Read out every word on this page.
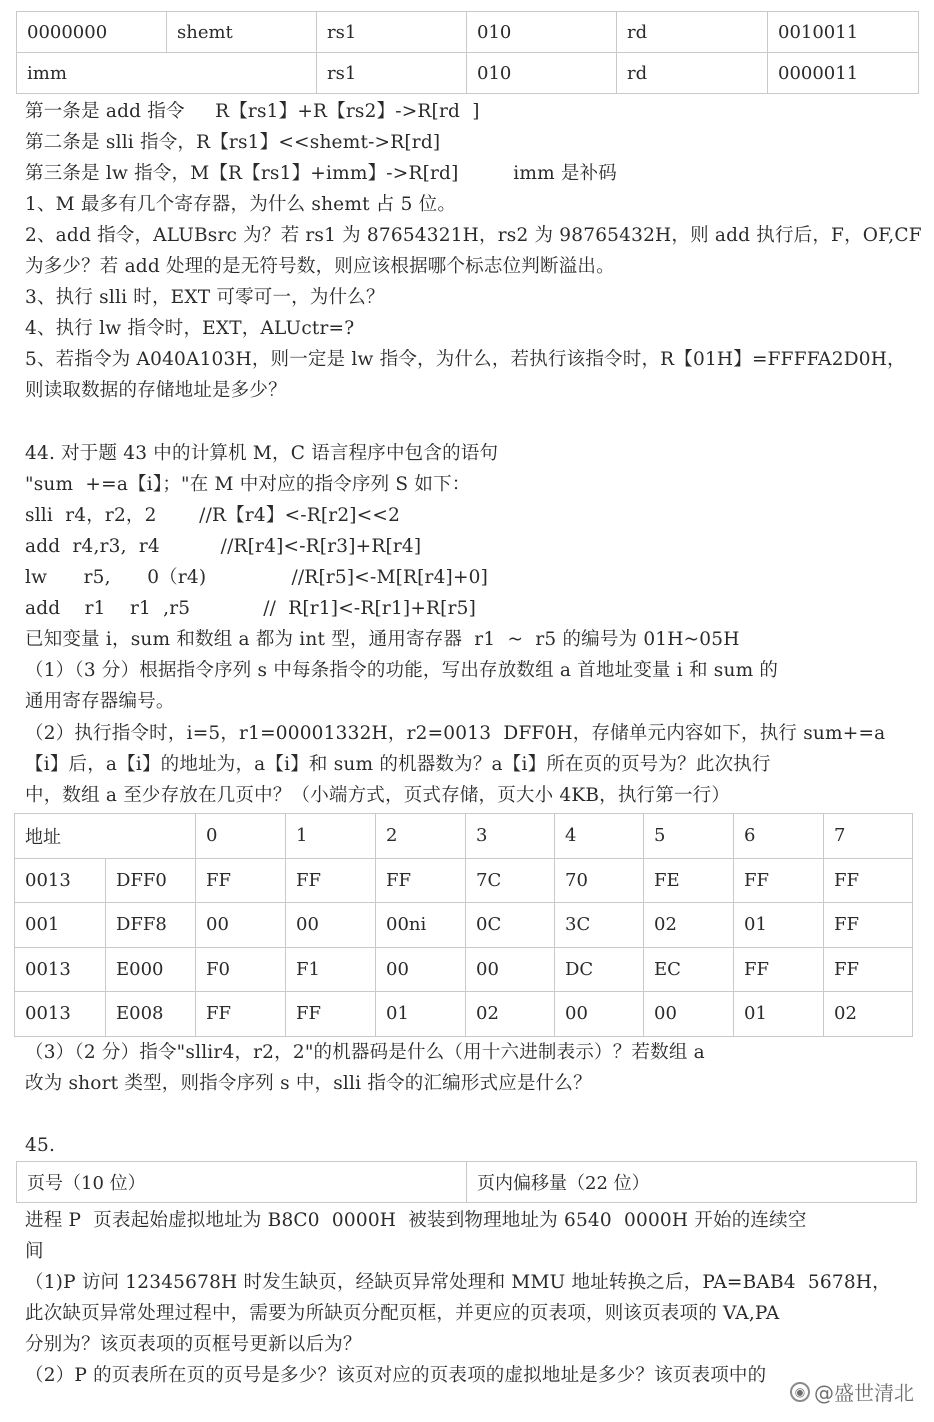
0000000	shemt	rs1	010	rd	0010011
imm		rs1	010	rd	0000011
第一条是 add 指令     R【rs1】+R【rs2】->R[rd  ]
第二条是 slli 指令，R【rs1】<<shemt->R[rd]
第三条是 lw 指令，M【R【rs1】+imm】->R[rd]         imm 是补码
1、M 最多有几个寄存器，为什么 shemt 占 5 位。
2、add 指令，ALUBsrc 为？若 rs1 为 87654321H，rs2 为 98765432H，则 add 执行后，F，OF,CF
为多少？若 add 处理的是无符号数，则应该根据哪个标志位判断溢出。
3、执行 slli 时，EXT 可零可一，为什么？
4、执行 lw 指令时，EXT，ALUctr=?
5、若指令为 A040A103H，则一定是 lw 指令，为什么，若执行该指令时，R【01H】=FFFFA2D0H，
则读取数据的存储地址是多少？
44. 对于题 43 中的计算机 M，C 语言程序中包含的语句
"sum  +=a【i】；"在 M 中对应的指令序列 S 如下：
slli  r4，r2，2       //R【r4】<-R[r2]<<2
add  r4,r3,  r4          //R[r4]<-R[r3]+R[r4]
lw      r5,      0（r4)              //R[r5]<-M[R[r4]+0]
add    r1    r1  ,r5            //  R[r1]<-R[r1]+R[r5]
已知变量 i，sum 和数组 a 都为 int 型，通用寄存器  r1  ~  r5 的编号为 01H~05H
（1）（3 分）根据指令序列 s 中每条指令的功能，写出存放数组 a 首地址变量 i 和 sum 的
通用寄存器编号。
（2）执行指令时，i=5，r1=00001332H，r2=0013  DFF0H，存储单元内容如下，执行 sum+=a
【i】后，a【i】的地址为，a【i】和 sum 的机器数为？a【i】所在页的页号为？此次执行
中，数组 a 至少存放在几页中？（小端方式，页式存储，页大小 4KB，执行第一行）
地址		0	1	2	3	4	5	6	7
0013	DFF0	FF	FF	FF	7C	70	FE	FF	FF
001	DFF8	00	00	00ni	0C	3C	02	01	FF
0013	E000	F0	F1	00	00	DC	EC	FF	FF
0013	E008	FF	FF	01	02	00	00	01	02
（3）（2 分）指令"sllir4，r2，2"的机器码是什么（用十六进制表示）？若数组 a
改为 short 类型，则指令序列 s 中，slli 指令的汇编形式应是什么？
45.
页号（10 位）	页内偏移量（22 位）
进程 P  页表起始虚拟地址为 B8C0  0000H  被装到物理地址为 6540  0000H 开始的连续空
间
（1)P 访问 12345678H 时发生缺页，经缺页异常处理和 MMU 地址转换之后，PA=BAB4  5678H，
此次缺页异常处理过程中，需要为所缺页分配页框，并更应的页表项，则该页表项的 VA,PA
分别为？该页表项的页框号更新以后为？
（2）P 的页表所在页的页号是多少？该页对应的页表项的虚拟地址是多少？该页表项中的
◉ @盛世清北
